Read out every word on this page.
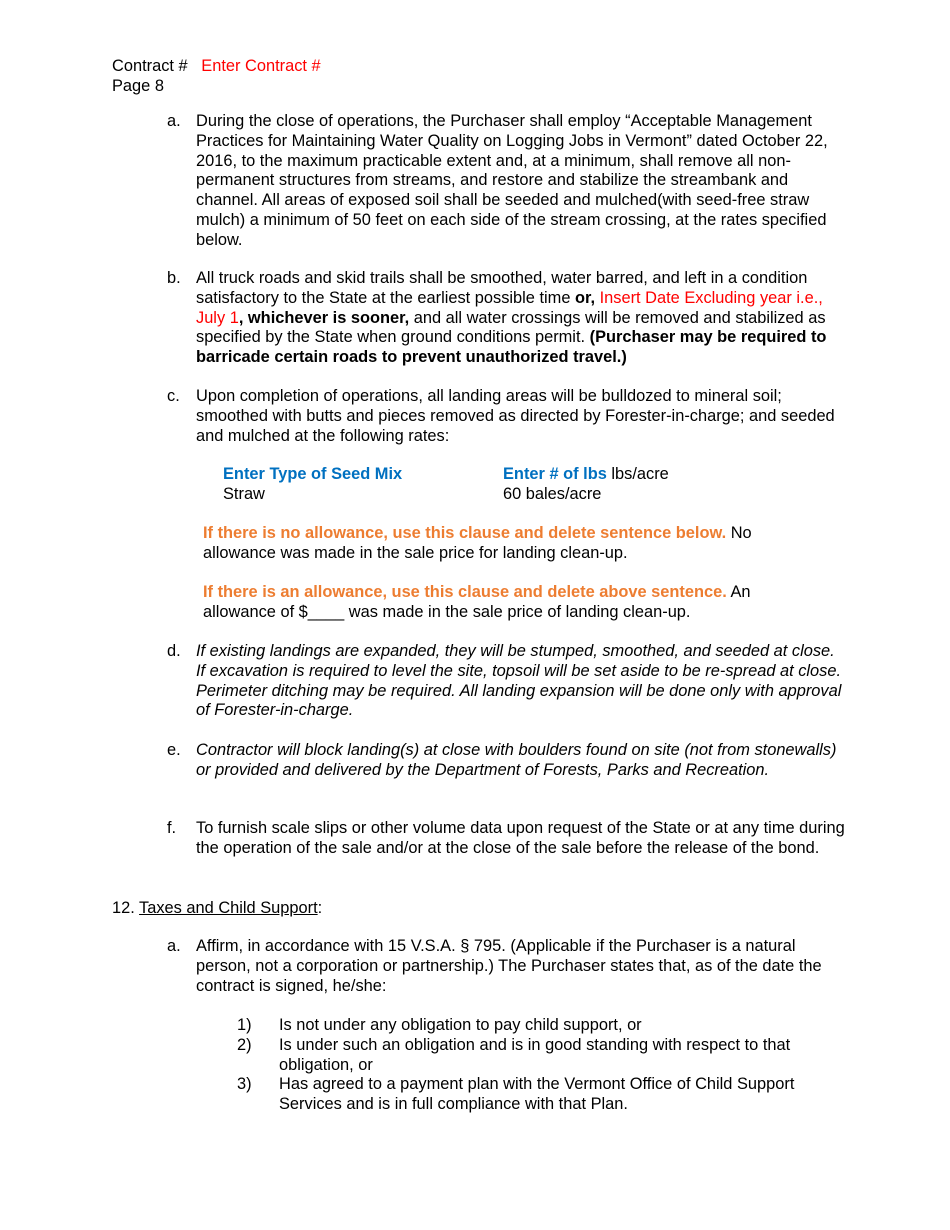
Contract # Enter Contract #
Page 8
a. During the close of operations, the Purchaser shall employ “Acceptable Management Practices for Maintaining Water Quality on Logging Jobs in Vermont” dated October 22, 2016, to the maximum practicable extent and, at a minimum, shall remove all non-permanent structures from streams, and restore and stabilize the streambank and channel. All areas of exposed soil shall be seeded and mulched(with seed-free straw mulch) a minimum of 50 feet on each side of the stream crossing, at the rates specified below.
b. All truck roads and skid trails shall be smoothed, water barred, and left in a condition satisfactory to the State at the earliest possible time or, Insert Date Excluding year i.e., July 1, whichever is sooner, and all water crossings will be removed and stabilized as specified by the State when ground conditions permit. (Purchaser may be required to barricade certain roads to prevent unauthorized travel.)
c. Upon completion of operations, all landing areas will be bulldozed to mineral soil; smoothed with butts and pieces removed as directed by Forester-in-charge; and seeded and mulched at the following rates:
Enter Type of Seed Mix
Straw
Enter # of lbs lbs/acre
60 bales/acre
If there is no allowance, use this clause and delete sentence below. No allowance was made in the sale price for landing clean-up.
If there is an allowance, use this clause and delete above sentence. An allowance of $____ was made in the sale price of landing clean-up.
d. If existing landings are expanded, they will be stumped, smoothed, and seeded at close. If excavation is required to level the site, topsoil will be set aside to be re-spread at close. Perimeter ditching may be required. All landing expansion will be done only with approval of Forester-in-charge.
e. Contractor will block landing(s) at close with boulders found on site (not from stonewalls) or provided and delivered by the Department of Forests, Parks and Recreation.
f. To furnish scale slips or other volume data upon request of the State or at any time during the operation of the sale and/or at the close of the sale before the release of the bond.
12. Taxes and Child Support:
a. Affirm, in accordance with 15 V.S.A. § 795. (Applicable if the Purchaser is a natural person, not a corporation or partnership.) The Purchaser states that, as of the date the contract is signed, he/she:
1) Is not under any obligation to pay child support, or
2) Is under such an obligation and is in good standing with respect to that obligation, or
3) Has agreed to a payment plan with the Vermont Office of Child Support Services and is in full compliance with that Plan.
